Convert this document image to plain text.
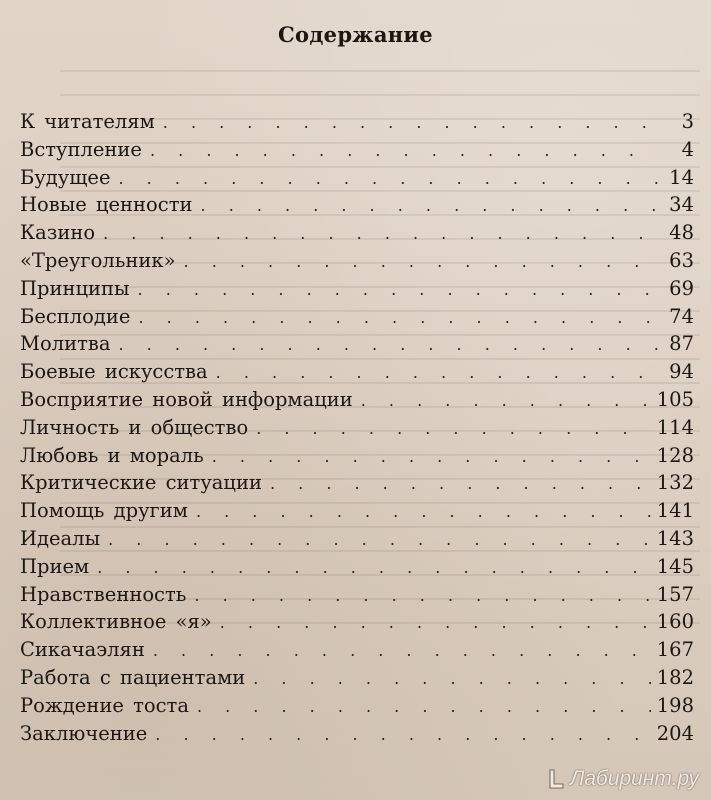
Содержание
К читателям . . .	3
Вступление . . .	4
Будущее . . .	14
Новые ценности . . .	34
Казино . . .	48
«Треугольник» . . .	63
Принципы . . .	69
Бесплодие . . .	74
Молитва . . .	87
Боевые искусства . . .	94
Восприятие новой информации . . .	105
Личность и общество . . .	114
Любовь и мораль . . .	128
Критические ситуации . . .	132
Помощь другим . . .	141
Идеалы . . .	143
Прием . . .	145
Нравственность . . .	157
Коллективное «я» . . .	160
Сикачаэлян . . .	167
Работа с пациентами . . .	182
Рождение тоста . . .	198
Заключение . . .	204
Лабиринт.ру
